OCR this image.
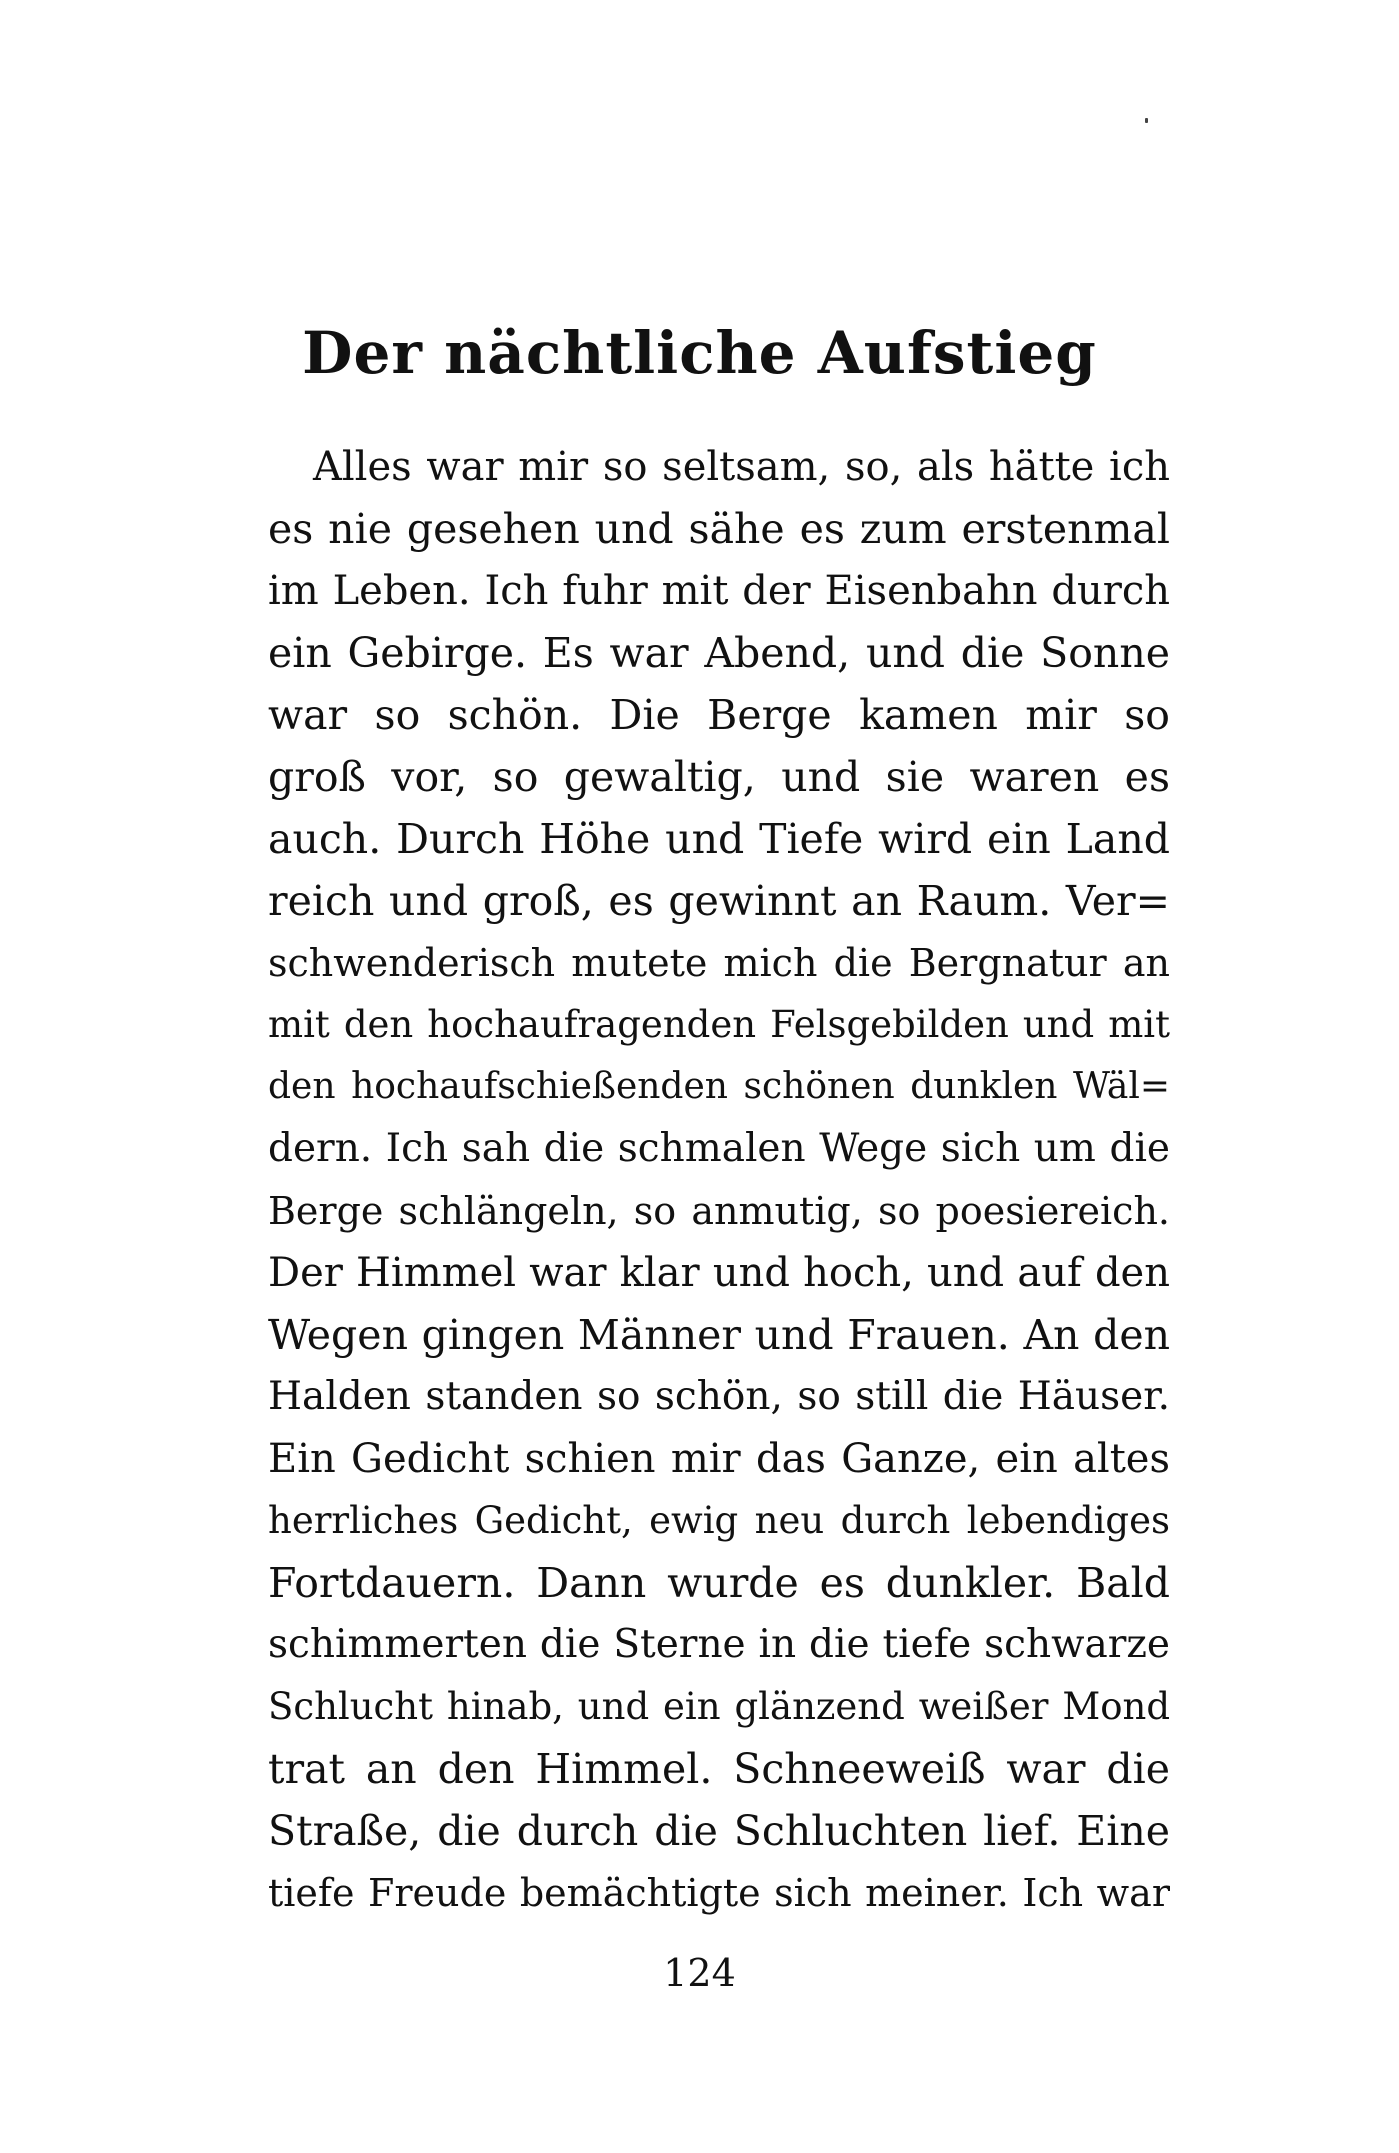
Der nächtliche Aufstieg
Alles war mir so seltsam, so, als hätte ich
es nie gesehen und sähe es zum erstenmal
im Leben. Ich fuhr mit der Eisenbahn durch
ein Gebirge. Es war Abend, und die Sonne
war so schön. Die Berge kamen mir so
groß vor, so gewaltig, und sie waren es
auch. Durch Höhe und Tiefe wird ein Land
reich und groß, es gewinnt an Raum. Ver=
schwenderisch mutete mich die Bergnatur an
mit den hochaufragenden Felsgebilden und mit
den hochaufschießenden schönen dunklen Wäl=
dern. Ich sah die schmalen Wege sich um die
Berge schlängeln, so anmutig, so poesiereich.
Der Himmel war klar und hoch, und auf den
Wegen gingen Männer und Frauen. An den
Halden standen so schön, so still die Häuser.
Ein Gedicht schien mir das Ganze, ein altes
herrliches Gedicht, ewig neu durch lebendiges
Fortdauern. Dann wurde es dunkler. Bald
schimmerten die Sterne in die tiefe schwarze
Schlucht hinab, und ein glänzend weißer Mond
trat an den Himmel. Schneeweiß war die
Straße, die durch die Schluchten lief. Eine
tiefe Freude bemächtigte sich meiner. Ich war
124
